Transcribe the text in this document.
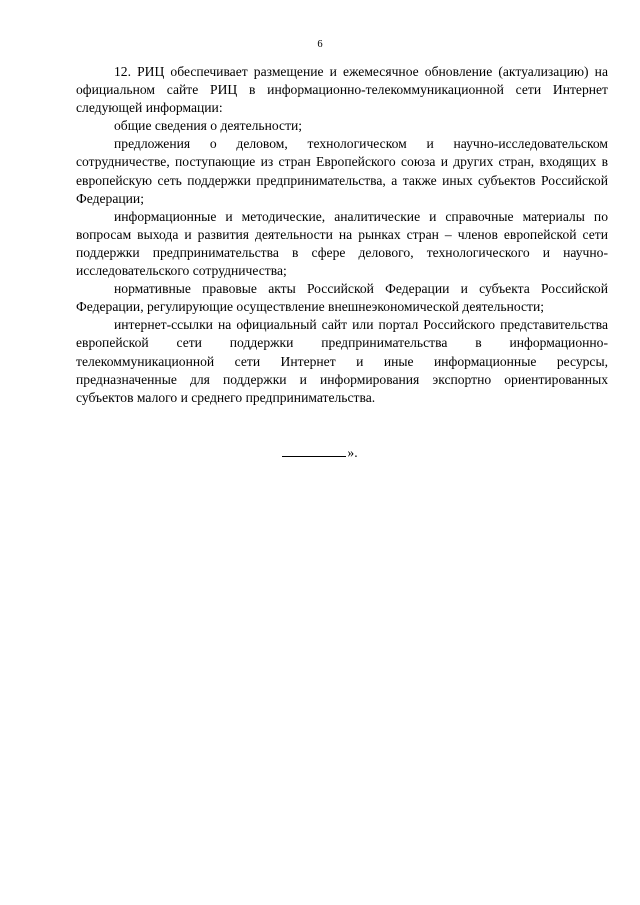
6

12. РИЦ обеспечивает размещение и ежемесячное обновление (актуализацию) на официальном сайте РИЦ в информационно-телекоммуникационной сети Интернет следующей информации:

общие сведения о деятельности;

предложения о деловом, технологическом и научно-исследовательском сотрудничестве, поступающие из стран Европейского союза и других стран, входящих в европейскую сеть поддержки предпринимательства, а также иных субъектов Российской Федерации;

информационные и методические, аналитические и справочные материалы по вопросам выхода и развития деятельности на рынках стран – членов европейской сети поддержки предпринимательства в сфере делового, технологического и научно-исследовательского сотрудничества;

нормативные правовые акты Российской Федерации и субъекта Российской Федерации, регулирующие осуществление внешнеэкономической деятельности;

интернет-ссылки на официальный сайт или портал Российского представительства европейской сети поддержки предпринимательства в информационно-телекоммуникационной сети Интернет и иные информационные ресурсы, предназначенные для поддержки и информирования экспортно ориентированных субъектов малого и среднего предпринимательства.

».
